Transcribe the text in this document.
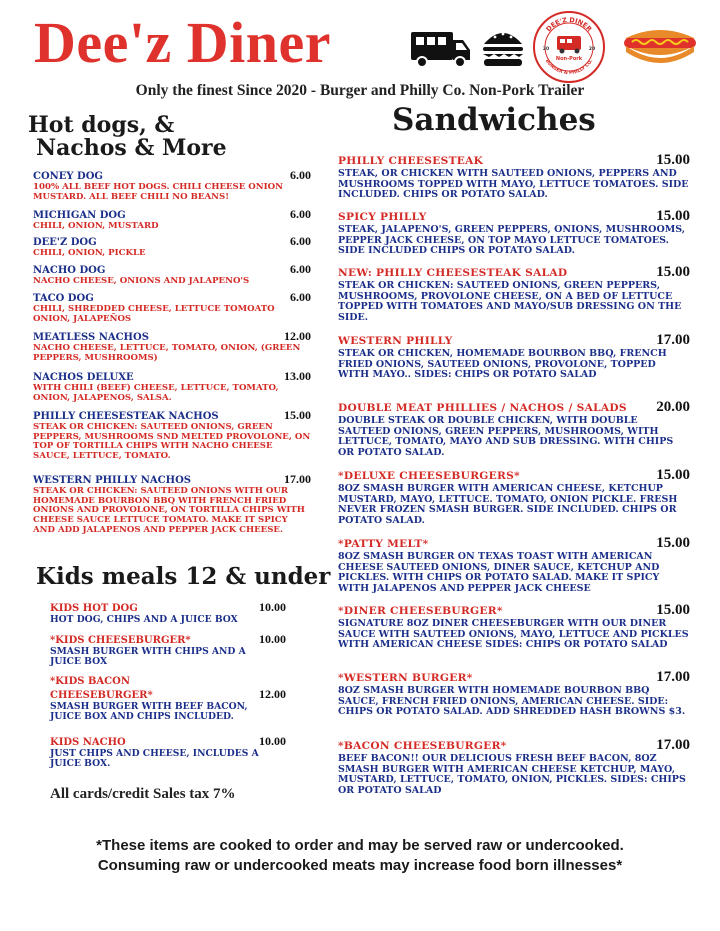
Dee'z Diner	DEE'Z DINER
Non-Pork
20	20
BURGER & PHILLY CO.
Only the finest Since 2020 - Burger and Philly Co. Non-Pork Trailer
Hot dogs, &
Nachos & More
Sandwiches
CONEY DOG	6.00
100% ALL BEEF HOT DOGS. CHILI CHEESE ONION MUSTARD. ALL BEEF CHILI NO BEANS!
MICHIGAN DOG	6.00
CHILI, ONION, MUSTARD
DEE'Z DOG	6.00
CHILI, ONION, PICKLE
NACHO DOG	6.00
NACHO CHEESE, ONIONS AND JALAPENO'S
TACO DOG	6.00
CHILI, SHREDDED CHEESE, LETTUCE TOMOATO ONION, JALAPEÑOS
MEATLESS NACHOS	12.00
NACHO CHEESE, LETTUCE, TOMATO, ONION, (GREEN PEPPERS, MUSHROOMS)
NACHOS DELUXE	13.00
WITH CHILI (BEEF) CHEESE, LETTUCE, TOMATO, ONION, JALAPENOS, SALSA.
PHILLY CHEESESTEAK NACHOS	15.00
STEAK OR CHICKEN: SAUTEED ONIONS, GREEN PEPPERS, MUSHROOMS SND MELTED PROVOLONE, ON TOP OF TORTILLA CHIPS WITH NACHO CHEESE SAUCE, LETTUCE, TOMATO.
WESTERN PHILLY NACHOS	17.00
STEAK OR CHICKEN: SAUTEED ONIONS WITH OUR HOMEMADE BOURBON BBQ WITH FRENCH FRIED ONIONS AND PROVOLONE, ON TORTILLA CHIPS WITH CHEESE SAUCE LETTUCE TOMATO. MAKE IT SPICY AND ADD JALAPENOS AND PEPPER JACK CHEESE.
Kids meals 12 & under
KIDS HOT DOG	10.00
HOT DOG, CHIPS AND A JUICE BOX
*KIDS CHEESEBURGER*	10.00
SMASH BURGER WITH CHIPS AND A JUICE BOX
*KIDS BACON CHEESEBURGER*	12.00
SMASH BURGER WITH BEEF BACON, JUICE BOX AND CHIPS INCLUDED.
KIDS NACHO	10.00
JUST CHIPS AND CHEESE, INCLUDES A JUICE BOX.
All cards/credit Sales tax 7%
PHILLY CHEESESTEAK	15.00
STEAK, OR CHICKEN WITH SAUTEED ONIONS, PEPPERS AND MUSHROOMS TOPPED WITH MAYO, LETTUCE TOMATOES. SIDE INCLUDED. CHIPS OR POTATO SALAD.
SPICY PHILLY	15.00
STEAK, JALAPENO'S, GREEN PEPPERS, ONIONS, MUSHROOMS, PEPPER JACK CHEESE, ON TOP MAYO LETTUCE TOMATOES. SIDE INCLUDED CHIPS OR POTATO SALAD.
NEW: PHILLY CHEESESTEAK SALAD	15.00
STEAK OR CHICKEN: SAUTEED ONIONS, GREEN PEPPERS, MUSHROOMS, PROVOLONE CHEESE, ON A BED OF LETTUCE TOPPED WITH TOMATOES AND MAYO/SUB DRESSING ON THE SIDE.
WESTERN PHILLY	17.00
STEAK OR CHICKEN, HOMEMADE BOURBON BBQ, FRENCH FRIED ONIONS, SAUTEED ONIONS, PROVOLONE, TOPPED WITH MAYO.. SIDES: CHIPS OR POTATO SALAD
DOUBLE MEAT PHILLIES / NACHOS / SALADS 20.00
DOUBLE STEAK OR DOUBLE CHICKEN, WITH DOUBLE SAUTEED ONIONS, GREEN PEPPERS, MUSHROOMS, WITH LETTUCE, TOMATO, MAYO AND SUB DRESSING. WITH CHIPS OR POTATO SALAD.
*DELUXE CHEESEBURGERS*	15.00
8OZ SMASH BURGER WITH AMERICAN CHEESE, KETCHUP MUSTARD, MAYO, LETTUCE. TOMATO, ONION PICKLE. FRESH NEVER FROZEN SMASH BURGER. SIDE INCLUDED. CHIPS OR POTATO SALAD.
*PATTY MELT*	15.00
8OZ SMASH BURGER ON TEXAS TOAST WITH AMERICAN CHEESE SAUTEED ONIONS, DINER SAUCE, KETCHUP AND PICKLES. WITH CHIPS OR POTATO SALAD. MAKE IT SPICY WITH JALAPENOS AND PEPPER JACK CHEESE
*DINER CHEESEBURGER*	15.00
SIGNATURE 8OZ DINER CHEESEBURGER WITH OUR DINER SAUCE WITH SAUTEED ONIONS, MAYO, LETTUCE AND PICKLES WITH AMERICAN CHEESE SIDES: CHIPS OR POTATO SALAD
*WESTERN BURGER*	17.00
8OZ SMASH BURGER WITH HOMEMADE BOURBON BBQ SAUCE, FRENCH FRIED ONIONS, AMERICAN CHEESE. SIDE: CHIPS OR POTATO SALAD. ADD SHREDDED HASH BROWNS $3.
*BACON CHEESEBURGER*	17.00
BEEF BACON!! OUR DELICIOUS FRESH BEEF BACON, 8OZ SMASH BURGER WITH AMERICAN CHEESE KETCHUP, MAYO, MUSTARD, LETTUCE, TOMATO, ONION, PICKLES. SIDES: CHIPS OR POTATO SALAD
*These items are cooked to order and may be served raw or undercooked.
Consuming raw or undercooked meats may increase food born illnesses*
